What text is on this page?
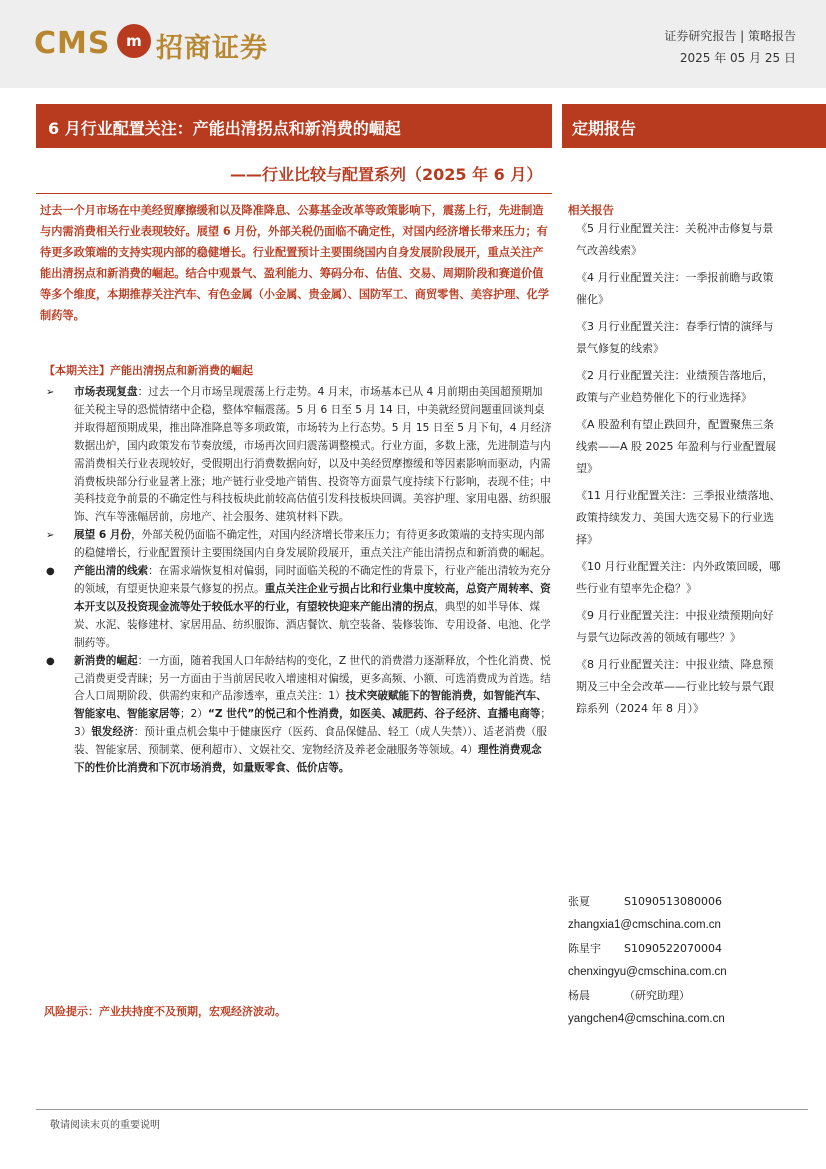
CMS	m 招商证券	证券研究报告 | 策略报告
2025 年 05 月 25 日
6 月行业配置关注：产能出清拐点和新消费的崛起	定期报告
——行业比较与配置系列（2025 年 6 月）
过去一个月市场在中美经贸摩擦缓和以及降准降息、公募基金改革等政策影响下，震荡上行，先进制造与内需消费相关行业表现较好。展望 6 月份，外部关税仍面临不确定性，对国内经济增长带来压力；有待更多政策端的支持实现内部的稳健增长。行业配置预计主要围绕国内自身发展阶段展开，重点关注产能出清拐点和新消费的崛起。结合中观景气、盈利能力、筹码分布、估值、交易、周期阶段和赛道价值等多个维度，本期推荐关注汽车、有色金属（小金属、贵金属）、国防军工、商贸零售、美容护理、化学制药等。
【本期关注】产能出清拐点和新消费的崛起
➢ 市场表现复盘：过去一个月市场呈现震荡上行走势。4 月末，市场基本已从 4 月前期由美国超预期加征关税主导的恐慌情绪中企稳，整体窄幅震荡。5 月 6 日至 5 月 14 日，中美就经贸问题重回谈判桌并取得超预期成果，推出降准降息等多项政策，市场转为上行态势。5 月 15 日至 5 月下旬，4 月经济数据出炉，国内政策发布节奏放缓，市场再次回归震荡调整模式。行业方面，多数上涨，先进制造与内需消费相关行业表现较好，受假期出行消费数据向好，以及中美经贸摩擦缓和等因素影响而驱动，内需消费板块部分行业显著上涨；地产链行业受地产销售、投资等方面景气度持续下行影响，表现不佳；中美科技竞争前景的不确定性与科技板块此前较高估值引发科技板块回调。美容护理、家用电器、纺织服饰、汽车等涨幅居前，房地产、社会服务、建筑材料下跌。
➢ 展望 6 月份，外部关税仍面临不确定性，对国内经济增长带来压力；有待更多政策端的支持实现内部的稳健增长，行业配置预计主要围绕国内自身发展阶段展开，重点关注产能出清拐点和新消费的崛起。
● 产能出清的线索：在需求端恢复相对偏弱，同时面临关税的不确定性的背景下，行业产能出清较为充分的领域，有望更快迎来景气修复的拐点。重点关注企业亏损占比和行业集中度较高，总资产周转率、资本开支以及投资现金流等处于较低水平的行业，有望较快迎来产能出清的拐点，典型的如半导体、煤炭、水泥、装修建材、家居用品、纺织服饰、酒店餐饮、航空装备、装修装饰、专用设备、电池、化学制药等。
● 新消费的崛起：一方面，随着我国人口年龄结构的变化，Z 世代的消费潜力逐渐释放，个性化消费、悦己消费更受青睐；另一方面由于当前居民收入增速相对偏缓，更多高频、小额、可选消费成为首选。结合人口周期阶段、供需约束和产品渗透率，重点关注：1）技术突破赋能下的智能消费，如智能汽车、智能家电、智能家居等；2）“Z 世代”的悦己和个性消费，如医美、减肥药、谷子经济、直播电商等；3）银发经济：预计重点机会集中于健康医疗（医药、食品保健品、轻工（成人失禁））、适老消费（服装、智能家居、预制菜、便利超市）、文娱社交、宠物经济及养老金融服务等领域。4）理性消费观念下的性价比消费和下沉市场消费，如量贩零食、低价店等。
风险提示：产业扶持度不及预期，宏观经济波动。
相关报告
《5 月行业配置关注：关税冲击修复与景气改善线索》
《4 月行业配置关注：一季报前瞻与政策催化》
《3 月行业配置关注：春季行情的演绎与景气修复的线索》
《2 月行业配置关注：业绩预告落地后，政策与产业趋势催化下的行业选择》
《A 股盈利有望止跌回升，配置聚焦三条线索——A 股 2025 年盈利与行业配置展望》
《11 月行业配置关注：三季报业绩落地、政策持续发力、美国大选交易下的行业选择》
《10 月行业配置关注：内外政策回暖，哪些行业有望率先企稳？》
《9 月行业配置关注：中报业绩预期向好与景气边际改善的领域有哪些？》
《8 月行业配置关注：中报业绩、降息预期及三中全会改革——行业比较与景气跟踪系列（2024 年 8 月）》
张夏	S1090513080006
zhangxia1@cmschina.com.cn
陈星宇 S1090522070004
chenxingyu@cmschina.com.cn
杨晨	（研究助理）
yangchen4@cmschina.com.cn
敬请阅读末页的重要说明
